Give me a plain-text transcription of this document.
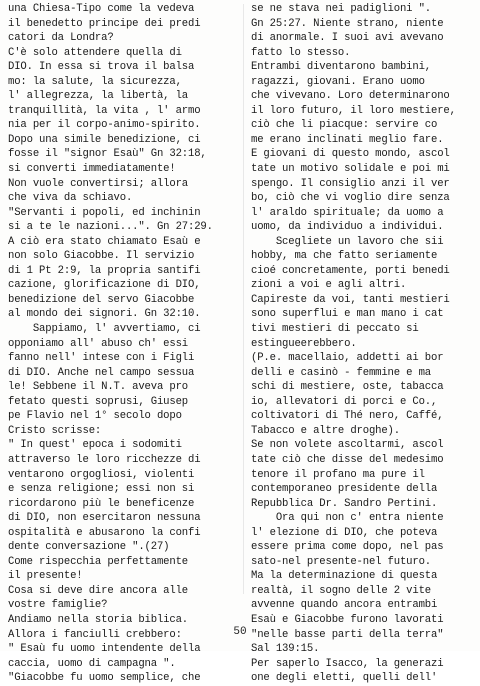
una Chiesa-Tipo come la vedeva
il benedetto principe dei predi
catori da Londra?
C'è solo attendere quella di
DIO. In essa si trova il balsa
mo: la salute, la sicurezza,
l' allegrezza, la libertà, la
tranquillità, la vita , l' armo
nia per il corpo-animo-spirito.
Dopo una simile benedizione, ci
fosse il "signor Esaù" Gn 32:18,
si converti immediatamente!
Non vuole convertirsi; allora
che viva da schiavo.
"Servanti i popoli, ed inchinin
si a te le nazioni...". Gn 27:29.
A ciò era stato chiamato Esaù e
non solo Giacobbe. Il servizio
di 1 Pt 2:9, la propria santifi
cazione, glorificazione di DIO,
benedizione del servo Giacobbe
al mondo dei signori. Gn 32:10.
Sappiamo, l' avvertiamo, ci
opponiamo all' abuso ch' essi
fanno nell' intese con i Figli
di DIO. Anche nel campo sessua
le! Sebbene il N.T. aveva pro
fetato questi soprusi, Giusep
pe Flavio nel 1° secolo dopo
Cristo scrisse:
" In quest' epoca i sodomiti
attraverso le loro ricchezze di
ventarono orgogliosi, violenti
e senza religione; essi non si
ricordarono più le beneficenze
di DIO, non esercitaron nessuna
ospitalità e abusarono la confi
dente conversazione ".(27)
Come rispecchia perfettamente
il presente!
Cosa si deve dire ancora alle
vostre famiglie?
Andiamo nella storia biblica.
Allora i fanciulli crebbero:
" Esaù fu uomo intendente della
caccia, uomo di campagna ".
"Giacobbe fu uomo semplice, che
se ne stava nei padiglioni ".
Gn 25:27. Niente strano, niente
di anormale. I suoi avi avevano
fatto lo stesso.
Entrambi diventarono bambini,
ragazzi, giovani. Erano uomo
che vivevano. Loro determinarono
il loro futuro, il loro mestiere,
ciò che li piacque: servire co
me erano inclinati meglio fare.
E giovani di questo mondo, ascol
tate un motivo solidale e poi mi
spengo. Il consiglio anzi il ver
bo, ciò che vi voglio dire senza
l' araldo spirituale; da uomo a
uomo, da individuo a individui.
Scegliete un lavoro che sii
hobby, ma che fatto seriamente
cioé concretamente, porti benedi
zioni a voi e agli altri.
Capireste da voi, tanti mestieri
sono superflui e man mano i cat
tivi mestieri di peccato si
estingueerebbero.
(P.e. macellaio, addetti ai bor
delli e casinò - femmine e ma
schi di mestiere, oste, tabacca
io, allevatori di porci e Co.,
coltivatori di Thé nero, Caffé,
Tabacco e altre droghe).
Se non volete ascoltarmi, ascol
tate ciò che disse del medesimo
tenore il profano ma pure il
contemporaneo presidente della
Repubblica Dr. Sandro Pertini.
Ora qui non c' entra niente
l' elezione di DIO, che poteva
essere prima come dopo, nel pas
sato-nel presente-nel futuro.
Ma la determinazione di questa
realtà, il sogno delle 2 vite
avvenne quando ancora entrambi
Esaù e Giacobbe furono lavorati
"nelle basse parti della terra"
Sal 139:15.
Per saperlo Isacco, la generazi
one degli eletti, quelli dell'
50
